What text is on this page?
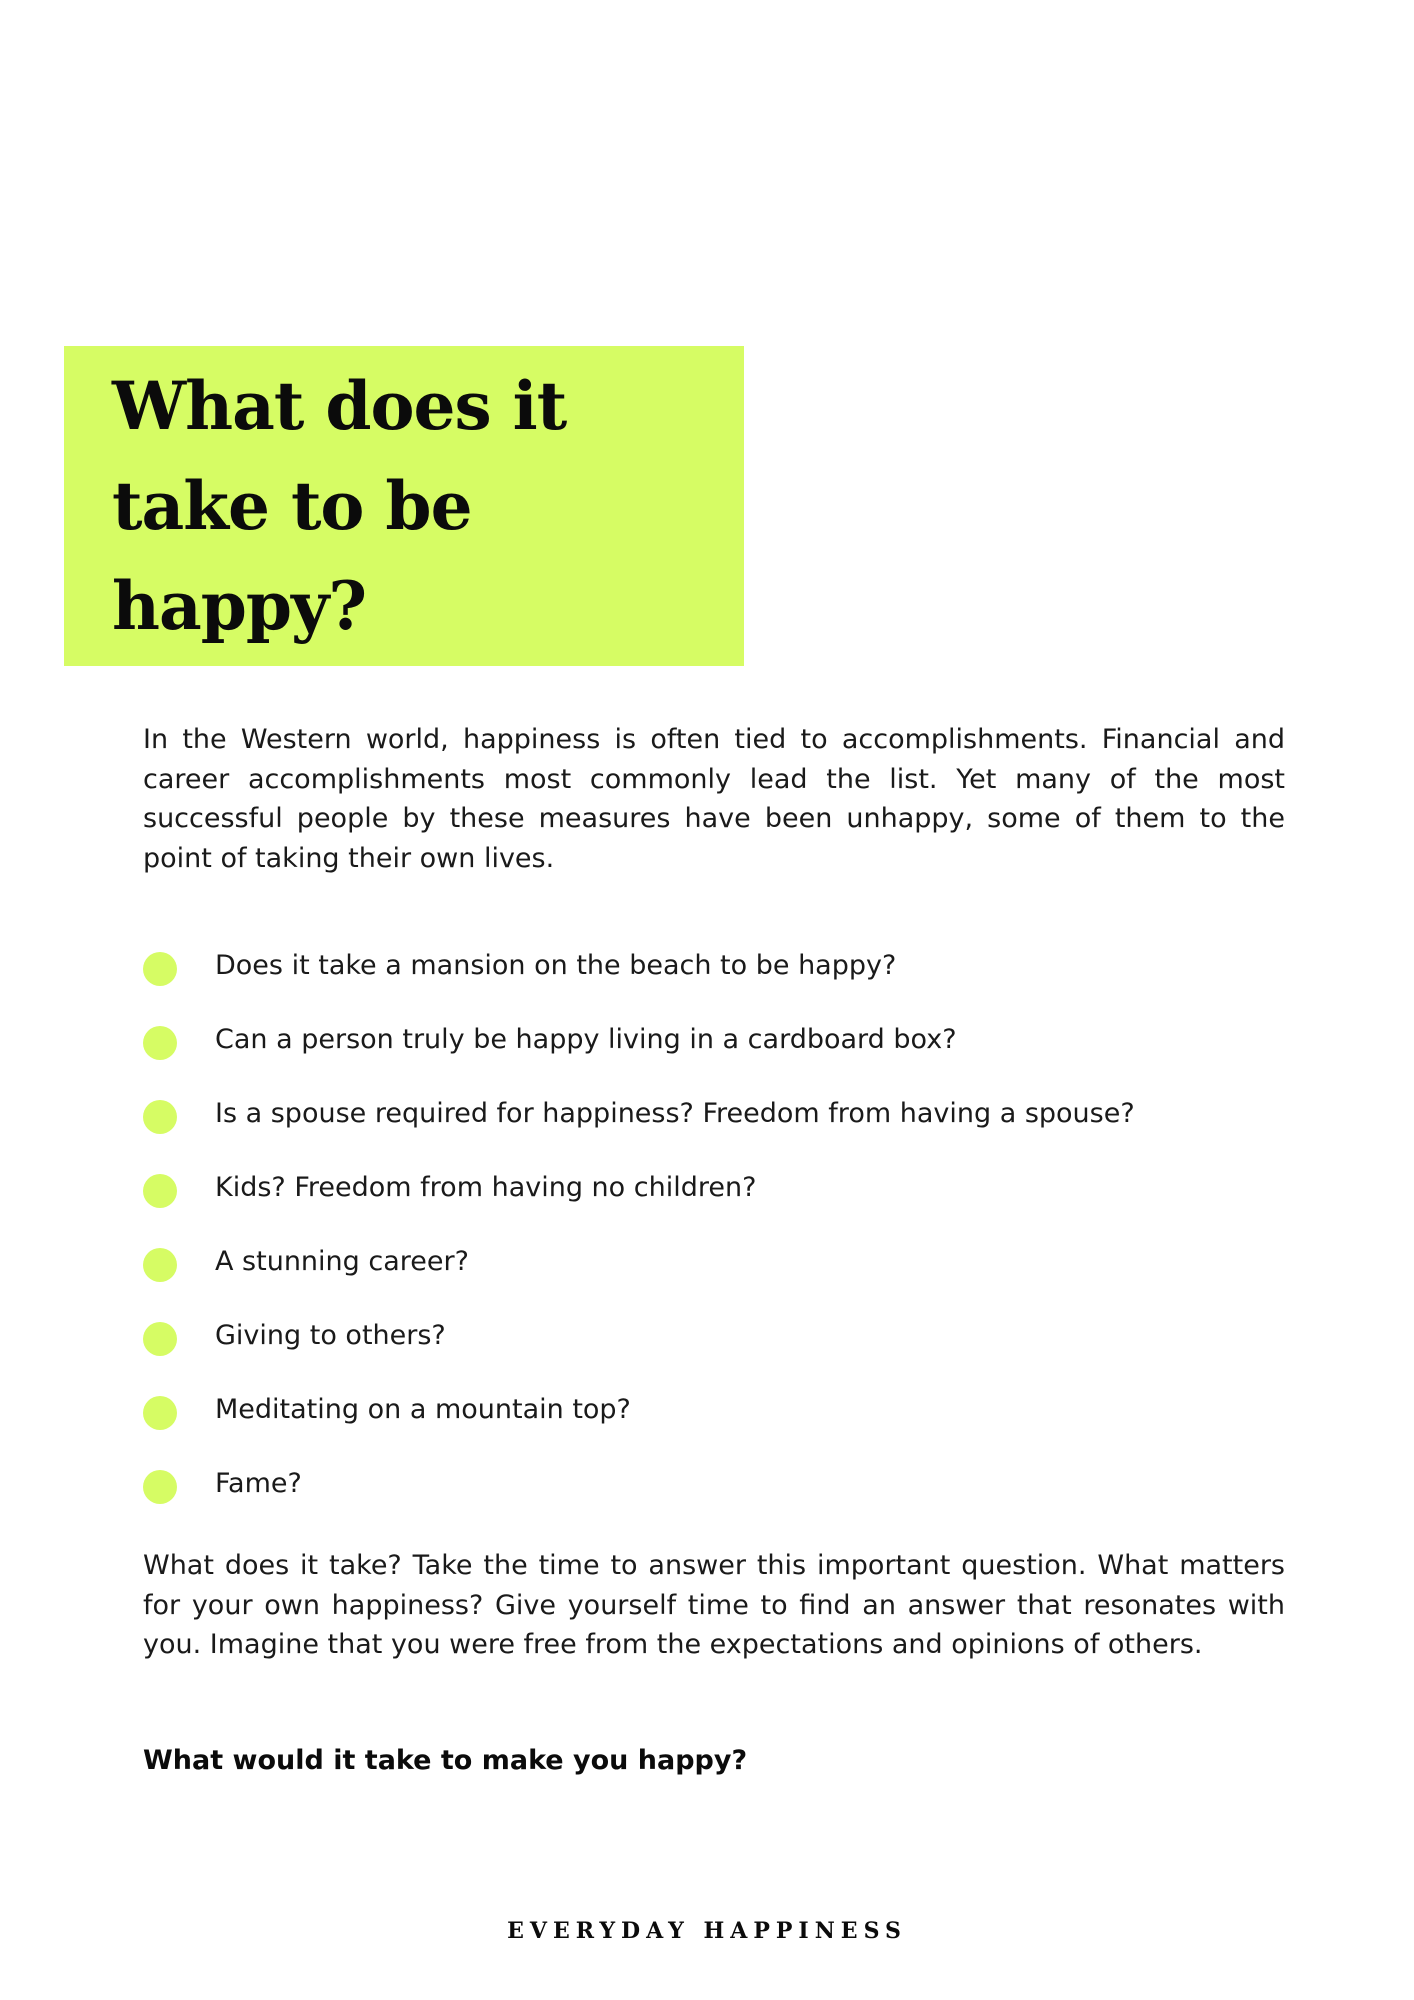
What does it take to be happy?

In the Western world, happiness is often tied to accomplishments. Financial and career accomplishments most commonly lead the list. Yet many of the most successful people by these measures have been unhappy, some of them to the point of taking their own lives.

Does it take a mansion on the beach to be happy?
Can a person truly be happy living in a cardboard box?
Is a spouse required for happiness? Freedom from having a spouse?
Kids? Freedom from having no children?
A stunning career?
Giving to others?
Meditating on a mountain top?
Fame?

What does it take? Take the time to answer this important question. What matters for your own happiness? Give yourself time to find an answer that resonates with you. Imagine that you were free from the expectations and opinions of others.

What would it take to make you happy?

EVERYDAY HAPPINESS
